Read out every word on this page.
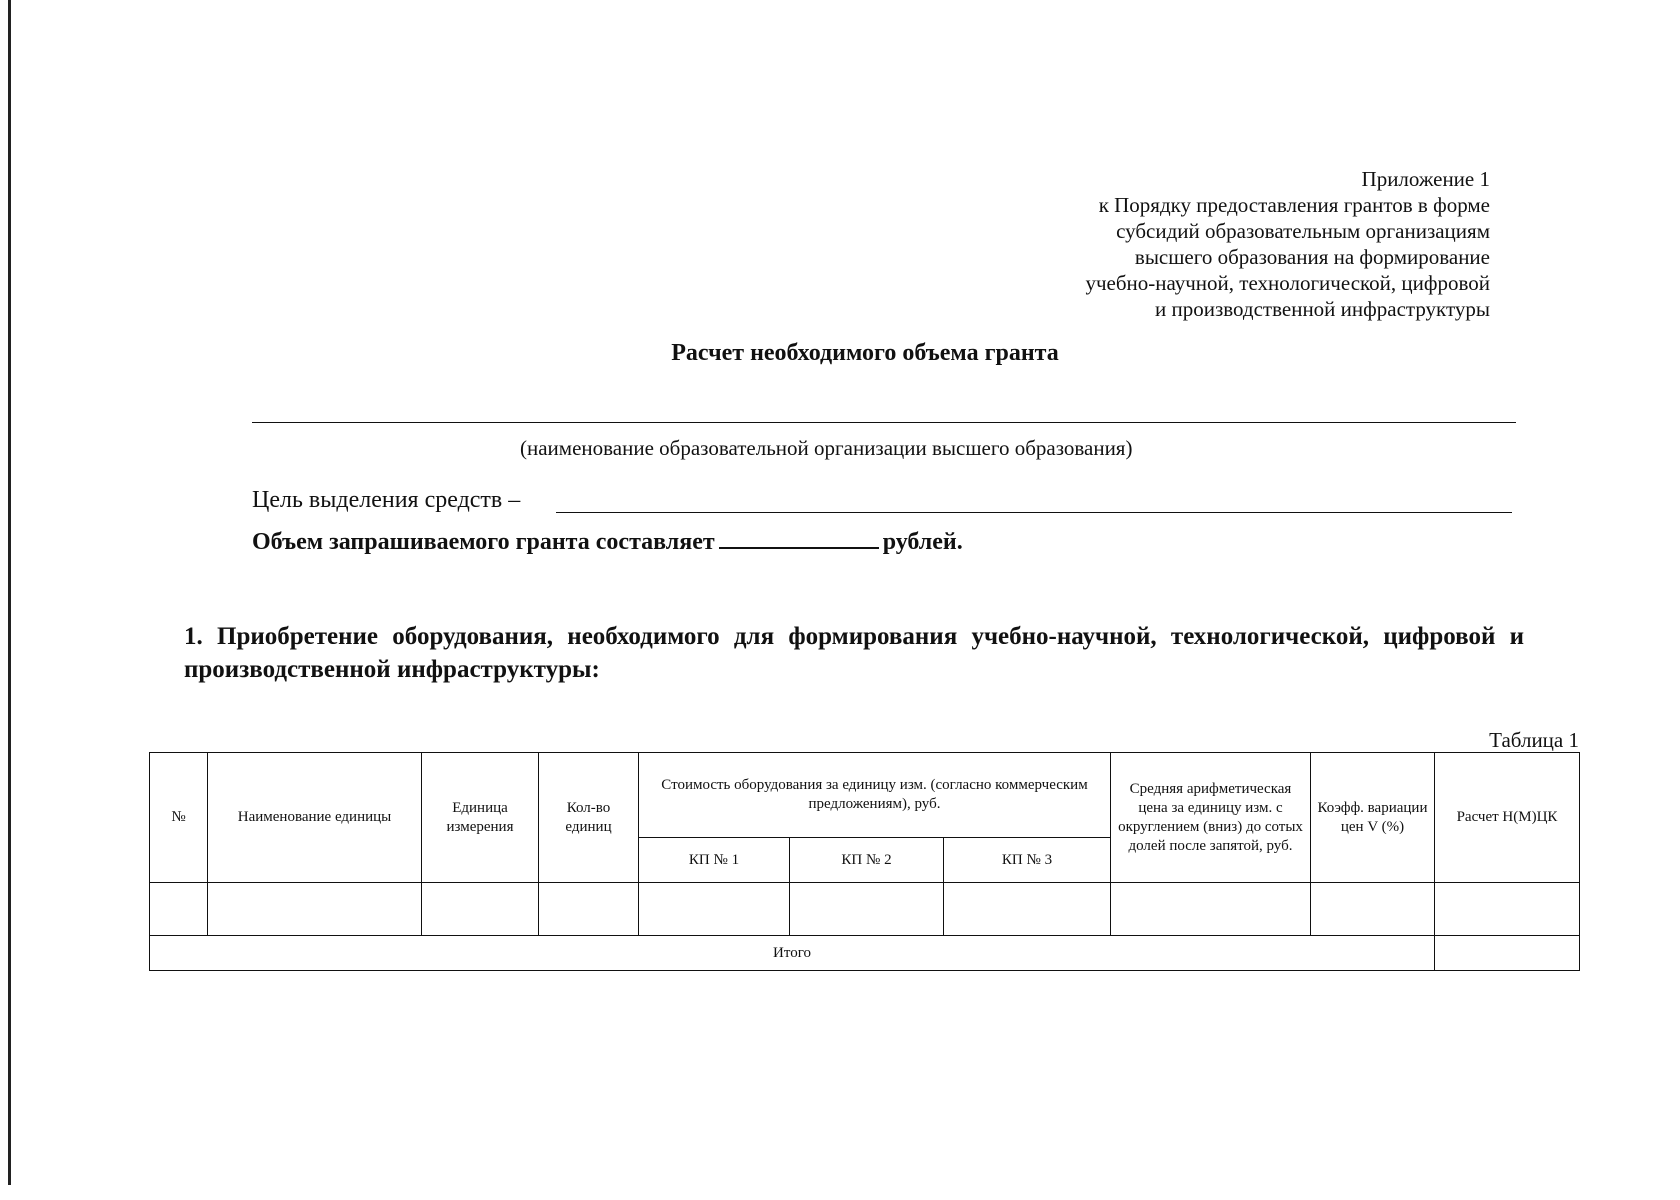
Приложение 1
к Порядку предоставления грантов в форме
субсидий образовательным организациям
высшего образования на формирование
учебно-научной, технологической, цифровой
и производственной инфраструктуры
Расчет необходимого объема гранта
(наименование образовательной организации высшего образования)
Цель выделения средств –
Объем запрашиваемого гранта составляет	рублей.
1. Приобретение оборудования, необходимого для формирования учебно-научной, технологической, цифровой и производственной инфраструктуры:
Таблица 1
№	Наименование единицы	Единица измерения	Кол-во единиц	Стоимость оборудования за единицу изм. (согласно коммерческим предложениям), руб.			Средняя арифметическая цена за единицу изм. с округлением (вниз) до сотых долей после запятой, руб.	Коэфф. вариации цен V (%)	Расчет Н(М)ЦК
				КП № 1	КП № 2	КП № 3			

Итого									
